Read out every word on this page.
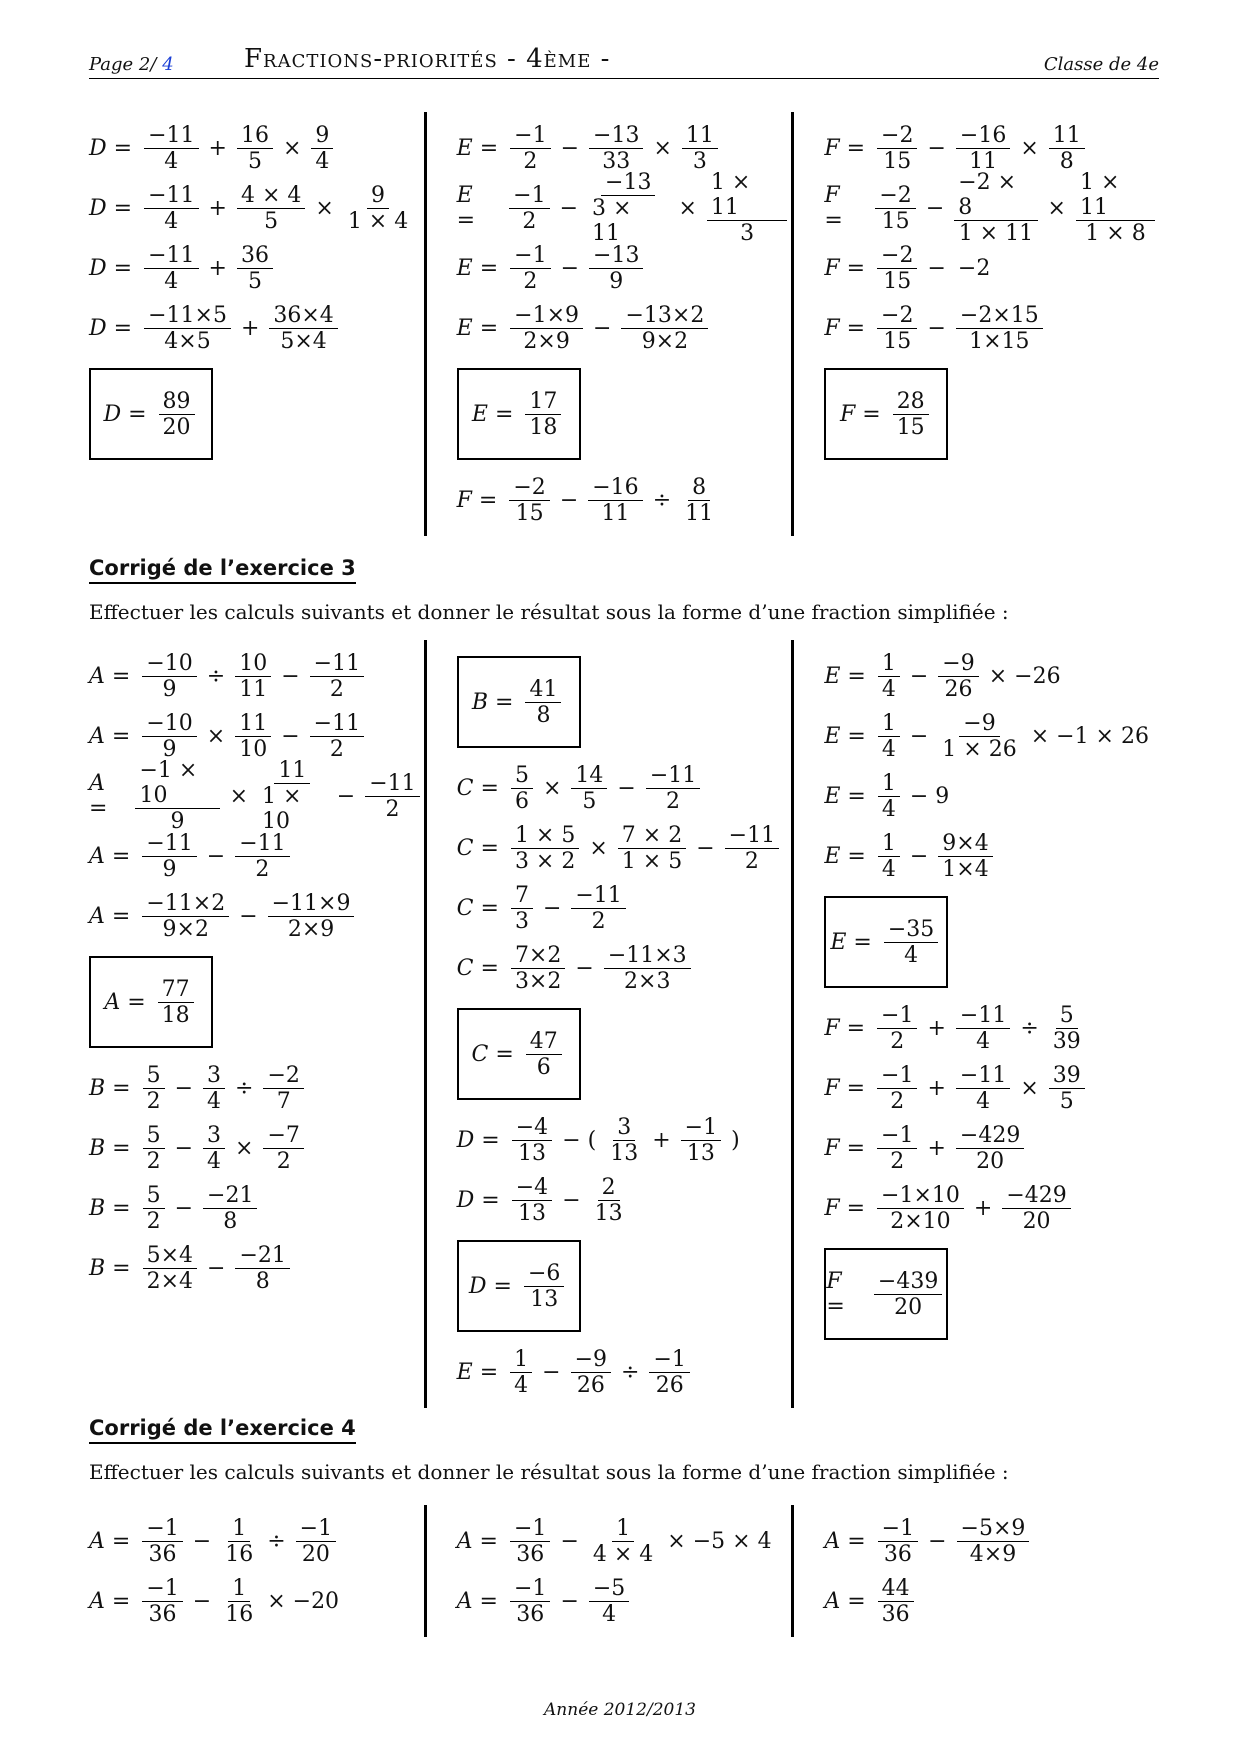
Page 2/ 4	Fractions-priorités - 4ème -	Classe de 4e
$D = \frac{-11}{4} + \frac{16}{5} \times \frac{9}{4}$
$D = \frac{-11}{4} + \frac{4 \times 4}{5} \times \frac{9}{1 \times 4}$
$D = \frac{-11}{4} + \frac{36}{5}$
$D = \frac{-11\times 5}{4\times 5} + \frac{36\times 4}{5\times 4}$
$D = \frac{89}{20}$
$E = \frac{-1}{2} - \frac{-13}{33} \times \frac{11}{3}$
E =	$\frac{-1}{2} - \frac{-13}{3 \times 11} \times \frac{1 \times 11}{3}$
$E = \frac{-1}{2} - \frac{-13}{9}$
$E = \frac{-1\times 9}{2\times 9} - \frac{-13\times 2}{9\times 2}$
$E = \frac{17}{18}$
$F = \frac{-2}{15} - \frac{-16}{11} \div \frac{8}{11}$
$F = \frac{-2}{15} - \frac{-16}{11} \times \frac{11}{8}$
F =	$\frac{-2}{15} - \frac{-2 \times 8}{1 \times 11} \times \frac{1 \times 11}{1 \times 8}$
$F = \frac{-2}{15} - -2$
$F = \frac{-2}{15} - \frac{-2\times 15}{1\times 15}$
$F = \frac{28}{15}$
Corrigé de l’exercice 3
Effectuer les calculs suivants et donner le résultat sous la forme d’une fraction simplifiée :
$A = \frac{-10}{9} \div \frac{10}{11} - \frac{-11}{2}$
$A = \frac{-10}{9} \times \frac{11}{10} - \frac{-11}{2}$
A =	$\frac{-1 \times 10}{9} \times \frac{11}{1 \times 10} - \frac{-11}{2}$
$A = \frac{-11}{9} - \frac{-11}{2}$
$A = \frac{-11\times 2}{9\times 2} - \frac{-11\times 9}{2\times 9}$
$A = \frac{77}{18}$
$B = \frac{5}{2} - \frac{3}{4} \div \frac{-2}{7}$
$B = \frac{5}{2} - \frac{3}{4} \times \frac{-7}{2}$
$B = \frac{5}{2} - \frac{-21}{8}$
$B = \frac{5\times 4}{2\times 4} - \frac{-21}{8}$
$B = \frac{41}{8}$
$C = \frac{5}{6} \times \frac{14}{5} - \frac{-11}{2}$
$C = \frac{1 \times 5}{3 \times 2} \times \frac{7 \times 2}{1 \times 5} - \frac{-11}{2}$
$C = \frac{7}{3} - \frac{-11}{2}$
$C = \frac{7\times 2}{3\times 2} - \frac{-11\times 3}{2\times 3}$
$C = \frac{47}{6}$
$D = \frac{-4}{13}$ − ( $\frac{3}{13} + \frac{-1}{13}$ )
$D = \frac{-4}{13} - \frac{2}{13}$
$D = \frac{-6}{13}$
$E = \frac{1}{4} - \frac{-9}{26} \div \frac{-1}{26}$
$E = \frac{1}{4} - \frac{-9}{26} \times -26$
$E = \frac{1}{4} - \frac{-9}{1 \times 26} \times -1 \times 26$
$E = \frac{1}{4} - 9$
$E = \frac{1}{4} - \frac{9\times 4}{1\times 4}$
$E = \frac{-35}{4}$
$F = \frac{-1}{2} + \frac{-11}{4} \div \frac{5}{39}$
$F = \frac{-1}{2} + \frac{-11}{4} \times \frac{39}{5}$
$F = \frac{-1}{2} + \frac{-429}{20}$
$F = \frac{-1\times 10}{2\times 10} + \frac{-429}{20}$
F =	$\frac{-439}{20}$
Corrigé de l’exercice 4
Effectuer les calculs suivants et donner le résultat sous la forme d’une fraction simplifiée :
$A = \frac{-1}{36} - \frac{1}{16} \div \frac{-1}{20}$
$A = \frac{-1}{36} - \frac{1}{16} \times -20$
$A = \frac{-1}{36} - \frac{1}{4 \times 4} \times -5 \times 4$
$A = \frac{-1}{36} - \frac{-5}{4}$
$A = \frac{-1}{36} - \frac{-5\times 9}{4\times 9}$
$A = \frac{44}{36}$
Année 2012/2013
